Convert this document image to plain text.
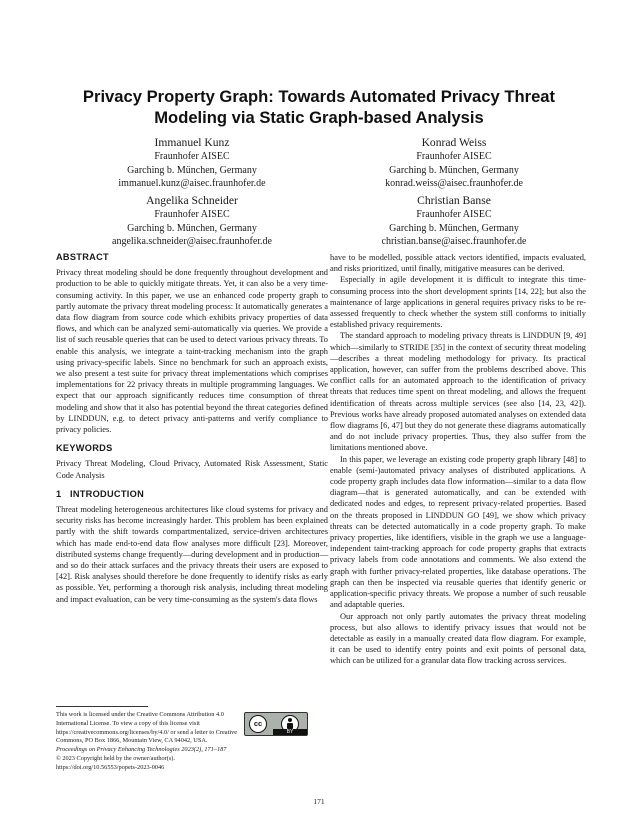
Privacy Property Graph: Towards Automated Privacy Threat
Modeling via Static Graph-based Analysis
Immanuel Kunz
Fraunhofer AISEC
Garching b. München, Germany
immanuel.kunz@aisec.fraunhofer.de
Konrad Weiss
Fraunhofer AISEC
Garching b. München, Germany
konrad.weiss@aisec.fraunhofer.de
Angelika Schneider
Fraunhofer AISEC
Garching b. München, Germany
angelika.schneider@aisec.fraunhofer.de
Christian Banse
Fraunhofer AISEC
Garching b. München, Germany
christian.banse@aisec.fraunhofer.de
ABSTRACT

Privacy threat modeling should be done frequently throughout development and production to be able to quickly mitigate threats. Yet, it can also be a very time-consuming activity. In this paper, we use an enhanced code property graph to partly automate the privacy threat modeling process: It automatically generates a data flow diagram from source code which exhibits privacy properties of data flows, and which can be analyzed semi-automatically via queries. We provide a list of such reusable queries that can be used to detect various privacy threats. To enable this analysis, we integrate a taint-tracking mechanism into the graph using privacy-specific labels. Since no benchmark for such an approach exists, we also present a test suite for privacy threat implementations which comprises implementations for 22 privacy threats in multiple programming languages. We expect that our approach significantly reduces time consumption of threat modeling and show that it also has potential beyond the threat categories defined by LINDDUN, e.g. to detect privacy anti-patterns and verify compliance to privacy policies.

KEYWORDS

Privacy Threat Modeling, Cloud Privacy, Automated Risk Assessment, Static Code Analysis

1   INTRODUCTION

Threat modeling heterogeneous architectures like cloud systems for privacy and security risks has become increasingly harder. This problem has been explained partly with the shift towards compartmentalized, service-driven architectures which has made end-to-end data flow analyses more difficult [23]. Moreover, distributed systems change frequently—during development and in production—and so do their attack surfaces and the privacy threats their users are exposed to [42]. Risk analyses should therefore be done frequently to identify risks as early as possible. Yet, performing a thorough risk analysis, including threat modeling and impact evaluation, can be very time-consuming as the system's data flows

have to be modelled, possible attack vectors identified, impacts evaluated, and risks prioritized, until finally, mitigative measures can be derived.

Especially in agile development it is difficult to integrate this time-consuming process into the short development sprints [14, 22]; but also the maintenance of large applications in general requires privacy risks to be re-assessed frequently to check whether the system still conforms to initially established privacy requirements.

The standard approach to modeling privacy threats is LINDDUN [9, 49] which—similarly to STRIDE [35] in the context of security threat modeling—describes a threat modeling methodology for privacy. Its practical application, however, can suffer from the problems described above. This conflict calls for an automated approach to the identification of privacy threats that reduces time spent on threat modeling, and allows the frequent identification of threats across multiple services (see also [14, 23, 42]). Previous works have already proposed automated analyses on extended data flow diagrams [6, 47] but they do not generate these diagrams automatically and do not include privacy properties. Thus, they also suffer from the limitations mentioned above.

In this paper, we leverage an existing code property graph library [48] to enable (semi-)automated privacy analyses of distributed applications. A code property graph includes data flow information—similar to a data flow diagram—that is generated automatically, and can be extended with dedicated nodes and edges, to represent privacy-related properties. Based on the threats proposed in LINDDUN GO [49], we show which privacy threats can be detected automatically in a code property graph. To make privacy properties, like identifiers, visible in the graph we use a language-independent taint-tracking approach for code property graphs that extracts privacy labels from code annotations and comments. We also extend the graph with further privacy-related properties, like database operations. The graph can then be inspected via reusable queries that identify generic or application-specific privacy threats. We propose a number of such reusable and adaptable queries.

Our approach not only partly automates the privacy threat modeling process, but also allows to identify privacy issues that would not be detectable as easily in a manually created data flow diagram. For example, it can be used to identify entry points and exit points of personal data, which can be utilized for a granular data flow tracking across services.

This work is licensed under the Creative Commons Attribution 4.0 International License. To view a copy of this license visit https://creativecommons.org/licenses/by/4.0/ or send a letter to Creative Commons, PO Box 1866, Mountain View, CA 94042, USA.
cc
BY
Proceedings on Privacy Enhancing Technologies 2023(2), 171–187
© 2023 Copyright held by the owner/author(s).
https://doi.org/10.56553/popets-2023-0046
171
